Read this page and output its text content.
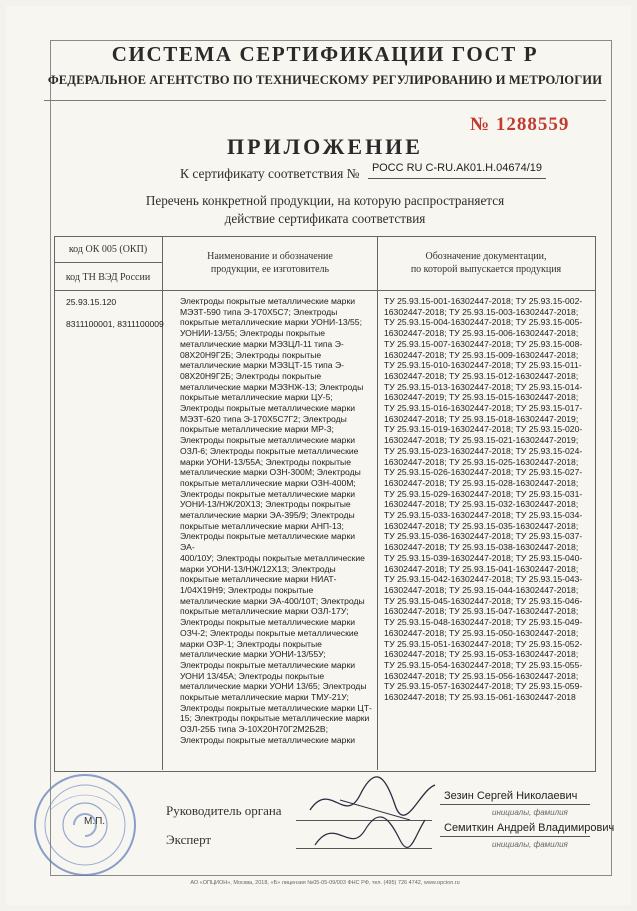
СИСТЕМА СЕРТИФИКАЦИИ ГОСТ Р
ФЕДЕРАЛЬНОЕ АГЕНТСТВО ПО ТЕХНИЧЕСКОМУ РЕГУЛИРОВАНИЮ И МЕТРОЛОГИИ
№ 1288559
ПРИЛОЖЕНИЕ
К сертификату соответствия № РОСС RU C-RU.АК01.Н.04674/19
Перечень конкретной продукции, на которую распространяется
действие сертификата соответствия
код ОК 005 (ОКП)
код ТН ВЭД России
Наименование и обозначение
продукции, ее изготовитель
Обозначение документации,
по которой выпускается продукция
25.93.15.120
8311100001, 8311100009
Электроды покрытые металлические марки
МЭЗТ-590 типа Э-170Х5С7; Электроды
покрытые металлические марки УОНИ-13/55;
УОНИИ-13/55; Электроды покрытые
металлические марки МЭЗЦЛ-11 типа Э-
08Х20Н9Г2Б; Электроды покрытые
металлические марки МЭЗЦТ-15 типа Э-
08Х20Н9Г2Б; Электроды покрытые
металлические марки МЭЗНЖ-13; Электроды
покрытые металлические марки ЦУ-5;
Электроды покрытые металлические марки
МЭЗТ-620 типа Э-170Х5С7Г2; Электроды
покрытые металлические марки МР-3;
Электроды покрытые металлические марки
ОЗЛ-6; Электроды покрытые металлические
марки УОНИ-13/55А; Электроды покрытые
металлические марки ОЗН-300М; Электроды
покрытые металлические марки ОЗН-400М;
Электроды покрытые металлические марки
УОНИ-13/НЖ/20Х13; Электроды покрытые
металлические марки ЭА-395/9; Электроды
покрытые металлические марки АНП-13;
Электроды покрытые металлические марки ЭА-
400/10У; Электроды покрытые металлические
марки УОНИ-13/НЖ/12Х13; Электроды
покрытые металлические марки НИАТ-
1/04Х19Н9; Электроды покрытые
металлические марки ЭА-400/10Т; Электроды
покрытые металлические марки ОЗЛ-17У;
Электроды покрытые металлические марки
ОЗЧ-2; Электроды покрытые металлические
марки ОЗР-1; Электроды покрытые
металлические марки УОНИ-13/55У;
Электроды покрытые металлические марки
УОНИ 13/45А; Электроды покрытые
металлические марки УОНИ 13/65; Электроды
покрытые металлические марки ТМУ-21У;
Электроды покрытые металлические марки ЦТ-
15; Электроды покрытые металлические марки
ОЗЛ-25Б типа Э-10Х20Н70Г2М2Б2В;
Электроды покрытые металлические марки
ТУ 25.93.15-001-16302447-2018; ТУ 25.93.15-002-
16302447-2018; ТУ 25.93.15-003-16302447-2018;
ТУ 25.93.15-004-16302447-2018; ТУ 25.93.15-005-
16302447-2018; ТУ 25.93.15-006-16302447-2018;
ТУ 25.93.15-007-16302447-2018; ТУ 25.93.15-008-
16302447-2018; ТУ 25.93.15-009-16302447-2018;
ТУ 25.93.15-010-16302447-2018; ТУ 25.93.15-011-
16302447-2018; ТУ 25.93.15-012-16302447-2018;
ТУ 25.93.15-013-16302447-2018; ТУ 25.93.15-014-
16302447-2019; ТУ 25.93.15-015-16302447-2018;
ТУ 25.93.15-016-16302447-2018; ТУ 25.93.15-017-
16302447-2018; ТУ 25.93.15-018-16302447-2019;
ТУ 25.93.15-019-16302447-2018; ТУ 25.93.15-020-
16302447-2018; ТУ 25.93.15-021-16302447-2019;
ТУ 25.93.15-023-16302447-2018; ТУ 25.93.15-024-
16302447-2018; ТУ 25.93.15-025-16302447-2018;
ТУ 25.93.15-026-16302447-2018; ТУ 25.93.15-027-
16302447-2018; ТУ 25.93.15-028-16302447-2018;
ТУ 25.93.15-029-16302447-2018; ТУ 25.93.15-031-
16302447-2018; ТУ 25.93.15-032-16302447-2018;
ТУ 25.93.15-033-16302447-2018; ТУ 25.93.15-034-
16302447-2018; ТУ 25.93.15-035-16302447-2018;
ТУ 25.93.15-036-16302447-2018; ТУ 25.93.15-037-
16302447-2018; ТУ 25.93.15-038-16302447-2018;
ТУ 25.93.15-039-16302447-2018; ТУ 25.93.15-040-
16302447-2018; ТУ 25.93.15-041-16302447-2018;
ТУ 25.93.15-042-16302447-2018; ТУ 25.93.15-043-
16302447-2018; ТУ 25.93.15-044-16302447-2018;
ТУ 25.93.15-045-16302447-2018; ТУ 25.93.15-046-
16302447-2018; ТУ 25.93.15-047-16302447-2018;
ТУ 25.93.15-048-16302447-2018; ТУ 25.93.15-049-
16302447-2018; ТУ 25.93.15-050-16302447-2018;
ТУ 25.93.15-051-16302447-2018; ТУ 25.93.15-052-
16302447-2018; ТУ 25.93.15-053-16302447-2018;
ТУ 25.93.15-054-16302447-2018; ТУ 25.93.15-055-
16302447-2018; ТУ 25.93.15-056-16302447-2018;
ТУ 25.93.15-057-16302447-2018; ТУ 25.93.15-059-
16302447-2018; ТУ 25.93.15-061-16302447-2018
М.П.
Руководитель органа
Зезин Сергей Николаевич
инициалы, фамилия
Эксперт
Семиткин Андрей Владимирович
инициалы, фамилия
АО «ОПЦИОН», Москва, 2018, «Б» лицензия №05-05-09/003 ФНС РФ, тел. (495) 726 4742, www.opcion.ru
